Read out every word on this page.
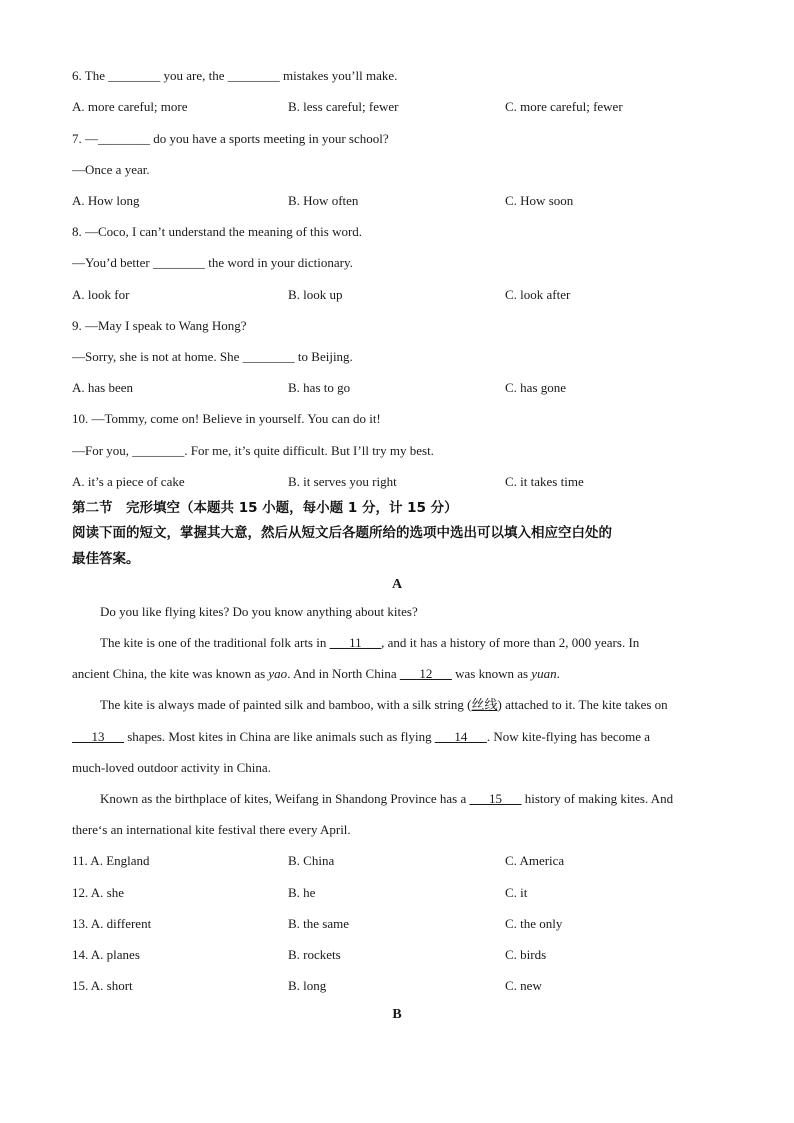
6. The ________ you are, the ________ mistakes you’ll make.
A. more careful; more	B. less careful; fewer	C. more careful; fewer
7. —________ do you have a sports meeting in your school?
—Once a year.
A. How long	B. How often	C. How soon
8. —Coco, I can’t understand the meaning of this word.
—You’d better ________ the word in your dictionary.
A. look for	B. look up	C. look after
9. —May I speak to Wang Hong?
—Sorry, she is not at home. She ________ to Beijing.
A. has been	B. has to go	C. has gone
10. —Tommy, come on! Believe in yourself. You can do it!
—For you, ________. For me, it’s quite difficult. But I’ll try my best.
A. it’s a piece of cake	B. it serves you right	C. it takes time
第二节　完形填空（本题共 15 小题，每小题 1 分，计 15 分）
阅读下面的短文，掌握其大意，然后从短文后各题所给的选项中选出可以填入相应空白处的
最佳答案。
A
Do you like flying kites? Do you know anything about kites?
The kite is one of the traditional folk arts in ___11___, and it has a history of more than 2, 000 years. In
ancient China, the kite was known as yao. And in North China ___12___ was known as yuan.
The kite is always made of painted silk and bamboo, with a silk string (丝线) attached to it. The kite takes on
___13___ shapes. Most kites in China are like animals such as flying ___14___. Now kite-flying has become a
much-loved outdoor activity in China.
Known as the birthplace of kites, Weifang in Shandong Province has a ___15___ history of making kites. And
there‘s an international kite festival there every April.
11. A. England	B. China	C. America
12. A. she	B. he	C. it
13. A. different	B. the same	C. the only
14. A. planes	B. rockets	C. birds
15. A. short	B. long	C. new
B
